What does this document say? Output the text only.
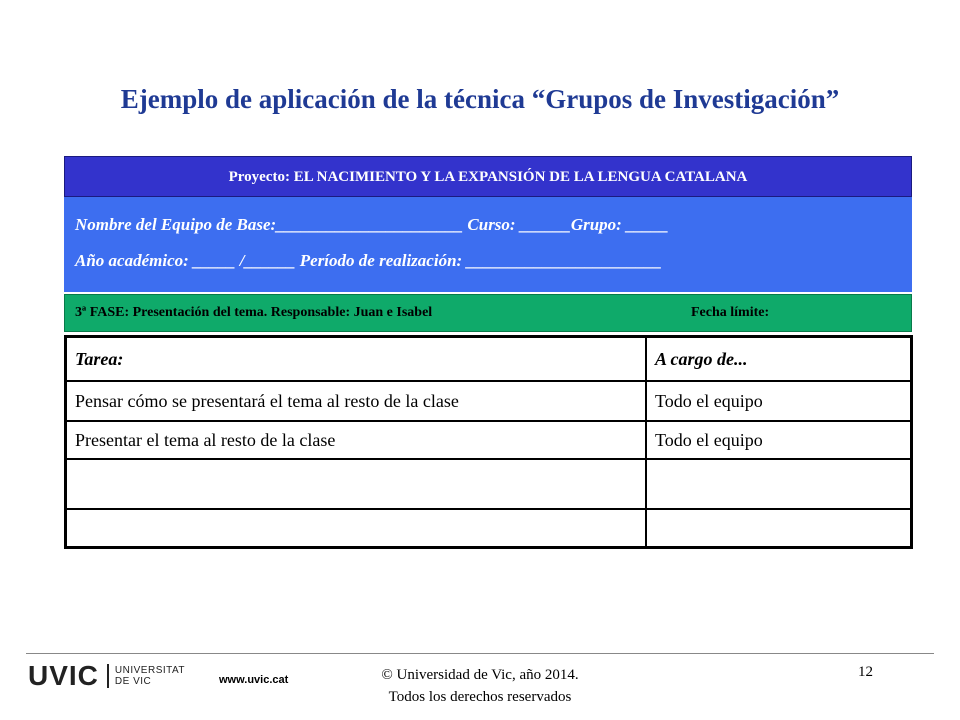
Ejemplo de aplicación de la técnica “Grupos de Investigación”
Proyecto: EL NACIMIENTO Y LA EXPANSIÓN DE LA LENGUA CATALANA
Nombre del Equipo de Base:______________________ Curso: ______Grupo: _____
Año académico: _____ /______ Período de realización: _______________________
3ª FASE: Presentación del tema. Responsable: Juan e Isabel	Fecha límite:
Tarea:	A cargo de...
Pensar cómo se presentará el tema al resto de la clase	Todo el equipo
Presentar el tema al resto de la clase	Todo el equipo

UVIC UNIVERSITAT
DE VIC	www.uvic.cat	© Universidad de Vic, año 2014.
Todos los derechos reservados
12
